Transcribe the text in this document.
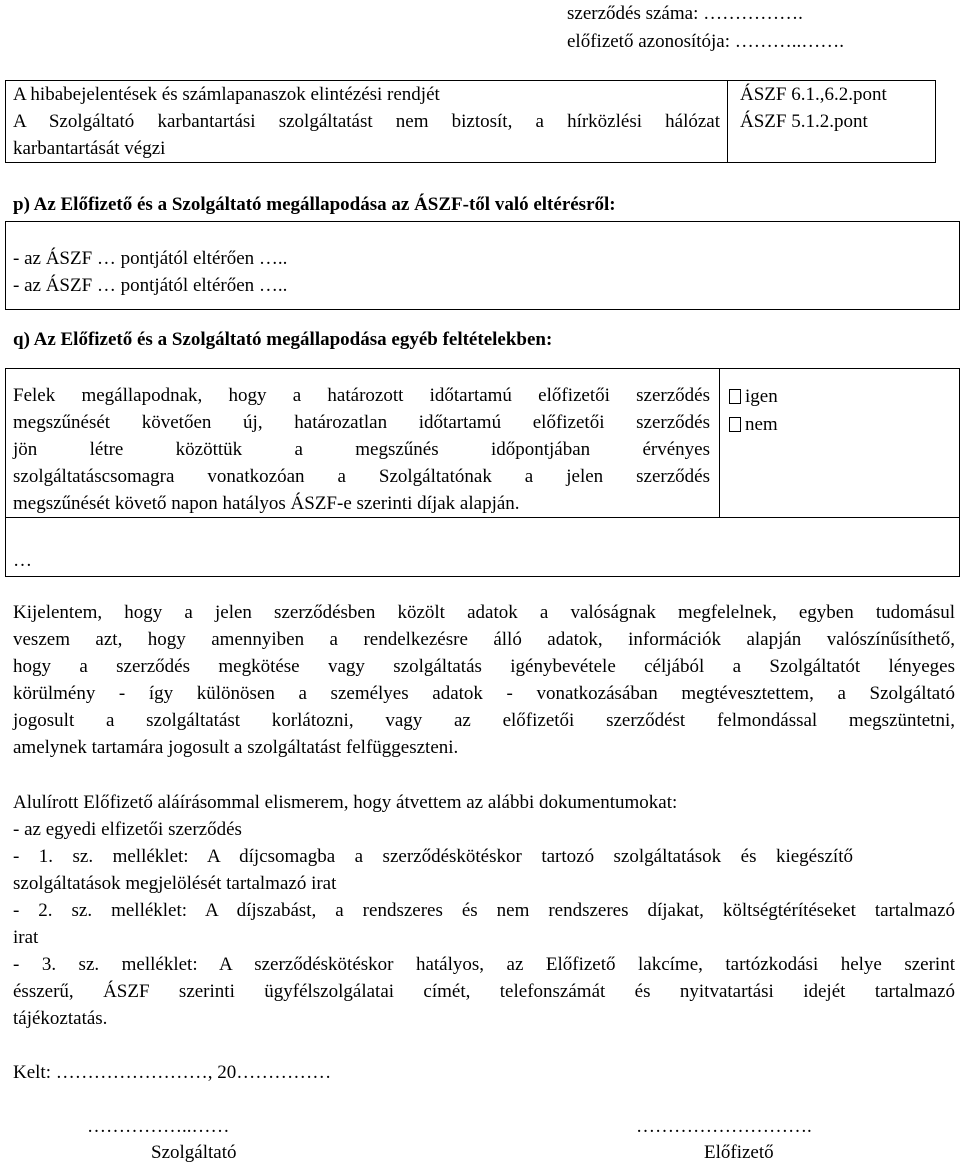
szerződés száma: …………….
előfizető azonosítója: ………..…….
A hibabejelentések és számlapanaszok elintézési rendjét	ÁSZF 6.1.,6.2.pont
A Szolgáltató karbantartási szolgáltatást nem biztosít, a hírközlési hálózat
karbantartását végzi
ÁSZF 5.1.2.pont
p) Az Előfizető és a Szolgáltató megállapodása az ÁSZF-től való eltérésről:
- az ÁSZF … pontjától eltérően …..
- az ÁSZF … pontjától eltérően …..
q) Az Előfizető és a Szolgáltató megállapodása egyéb feltételekben:
Felek megállapodnak, hogy a határozott időtartamú előfizetői szerződés
megszűnését követően új, határozatlan időtartamú előfizetői szerződés
jön létre közöttük a megszűnés időpontjában érvényes
szolgáltatáscsomagra vonatkozóan a Szolgáltatónak a jelen szerződés
megszűnését követő napon hatályos ÁSZF-e szerinti díjak alapján.
igen
nem
…
Kijelentem, hogy a jelen szerződésben közölt adatok a valóságnak megfelelnek, egyben tudomásul
veszem azt, hogy amennyiben a rendelkezésre álló adatok, információk alapján valószínűsíthető,
hogy a szerződés megkötése vagy szolgáltatás igénybevétele céljából a Szolgáltatót lényeges
körülmény - így különösen a személyes adatok - vonatkozásában megtévesztettem, a Szolgáltató
jogosult a szolgáltatást korlátozni, vagy az előfizetői szerződést felmondással megszüntetni,
amelynek tartamára jogosult a szolgáltatást felfüggeszteni.
Alulírott Előfizető aláírásommal elismerem, hogy átvettem az alábbi dokumentumokat:
- az egyedi elfizetői szerződés
- 1. sz. melléklet: A díjcsomagba a szerződéskötéskor tartozó szolgáltatások és kiegészítő
szolgáltatások megjelölését tartalmazó irat
- 2. sz. melléklet: A díjszabást, a rendszeres és nem rendszeres díjakat, költségtérítéseket tartalmazó
irat
- 3. sz. melléklet: A szerződéskötéskor hatályos, az Előfizető lakcíme, tartózkodási helye szerint
ésszerű, ÁSZF szerinti ügyfélszolgálatai címét, telefonszámát és nyitvatartási idejét tartalmazó
tájékoztatás.
Kelt: ……………………, 20……………
……………..……
Szolgáltató
……………………….
Előfizető
